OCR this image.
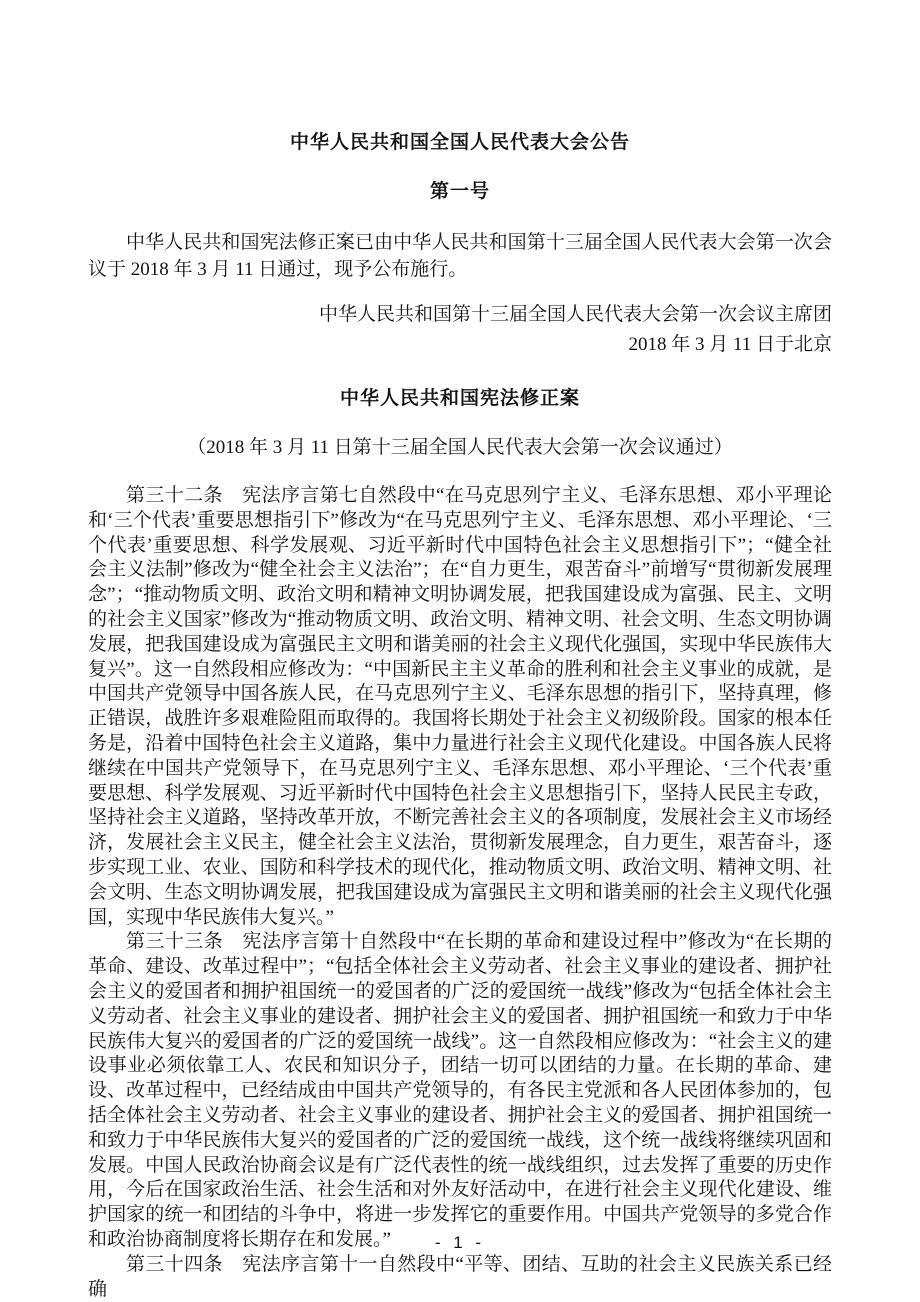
中华人民共和国全国人民代表大会公告
第一号

中华人民共和国宪法修正案已由中华人民共和国第十三届全国人民代表大会第一次会议于 2018 年 3 月 11 日通过，现予公布施行。

中华人民共和国第十三届全国人民代表大会第一次会议主席团

2018 年 3 月 11 日于北京

中华人民共和国宪法修正案

（2018 年 3 月 11 日第十三届全国人民代表大会第一次会议通过）

第三十二条　宪法序言第七自然段中“在马克思列宁主义、毛泽东思想、邓小平理论和‘三个代表’重要思想指引下”修改为“在马克思列宁主义、毛泽东思想、邓小平理论、‘三个代表’重要思想、科学发展观、习近平新时代中国特色社会主义思想指引下”；“健全社会主义法制”修改为“健全社会主义法治”；在“自力更生，艰苦奋斗”前增写“贯彻新发展理念”；“推动物质文明、政治文明和精神文明协调发展，把我国建设成为富强、民主、文明的社会主义国家”修改为“推动物质文明、政治文明、精神文明、社会文明、生态文明协调发展，把我国建设成为富强民主文明和谐美丽的社会主义现代化强国，实现中华民族伟大复兴”。这一自然段相应修改为：“中国新民主主义革命的胜利和社会主义事业的成就，是中国共产党领导中国各族人民，在马克思列宁主义、毛泽东思想的指引下，坚持真理，修正错误，战胜许多艰难险阻而取得的。我国将长期处于社会主义初级阶段。国家的根本任务是，沿着中国特色社会主义道路，集中力量进行社会主义现代化建设。中国各族人民将继续在中国共产党领导下，在马克思列宁主义、毛泽东思想、邓小平理论、‘三个代表’重要思想、科学发展观、习近平新时代中国特色社会主义思想指引下，坚持人民民主专政，坚持社会主义道路，坚持改革开放，不断完善社会主义的各项制度，发展社会主义市场经济，发展社会主义民主，健全社会主义法治，贯彻新发展理念，自力更生，艰苦奋斗，逐步实现工业、农业、国防和科学技术的现代化，推动物质文明、政治文明、精神文明、社会文明、生态文明协调发展，把我国建设成为富强民主文明和谐美丽的社会主义现代化强国，实现中华民族伟大复兴。”

第三十三条　宪法序言第十自然段中“在长期的革命和建设过程中”修改为“在长期的革命、建设、改革过程中”；“包括全体社会主义劳动者、社会主义事业的建设者、拥护社会主义的爱国者和拥护祖国统一的爱国者的广泛的爱国统一战线”修改为“包括全体社会主义劳动者、社会主义事业的建设者、拥护社会主义的爱国者、拥护祖国统一和致力于中华民族伟大复兴的爱国者的广泛的爱国统一战线”。这一自然段相应修改为：“社会主义的建设事业必须依靠工人、农民和知识分子，团结一切可以团结的力量。在长期的革命、建设、改革过程中，已经结成由中国共产党领导的，有各民主党派和各人民团体参加的，包括全体社会主义劳动者、社会主义事业的建设者、拥护社会主义的爱国者、拥护祖国统一和致力于中华民族伟大复兴的爱国者的广泛的爱国统一战线，这个统一战线将继续巩固和发展。中国人民政治协商会议是有广泛代表性的统一战线组织，过去发挥了重要的历史作用，今后在国家政治生活、社会生活和对外友好活动中，在进行社会主义现代化建设、维护国家的统一和团结的斗争中，将进一步发挥它的重要作用。中国共产党领导的多党合作和政治协商制度将长期存在和发展。”

第三十四条　宪法序言第十一自然段中“平等、团结、互助的社会主义民族关系已经确

- 1 -
